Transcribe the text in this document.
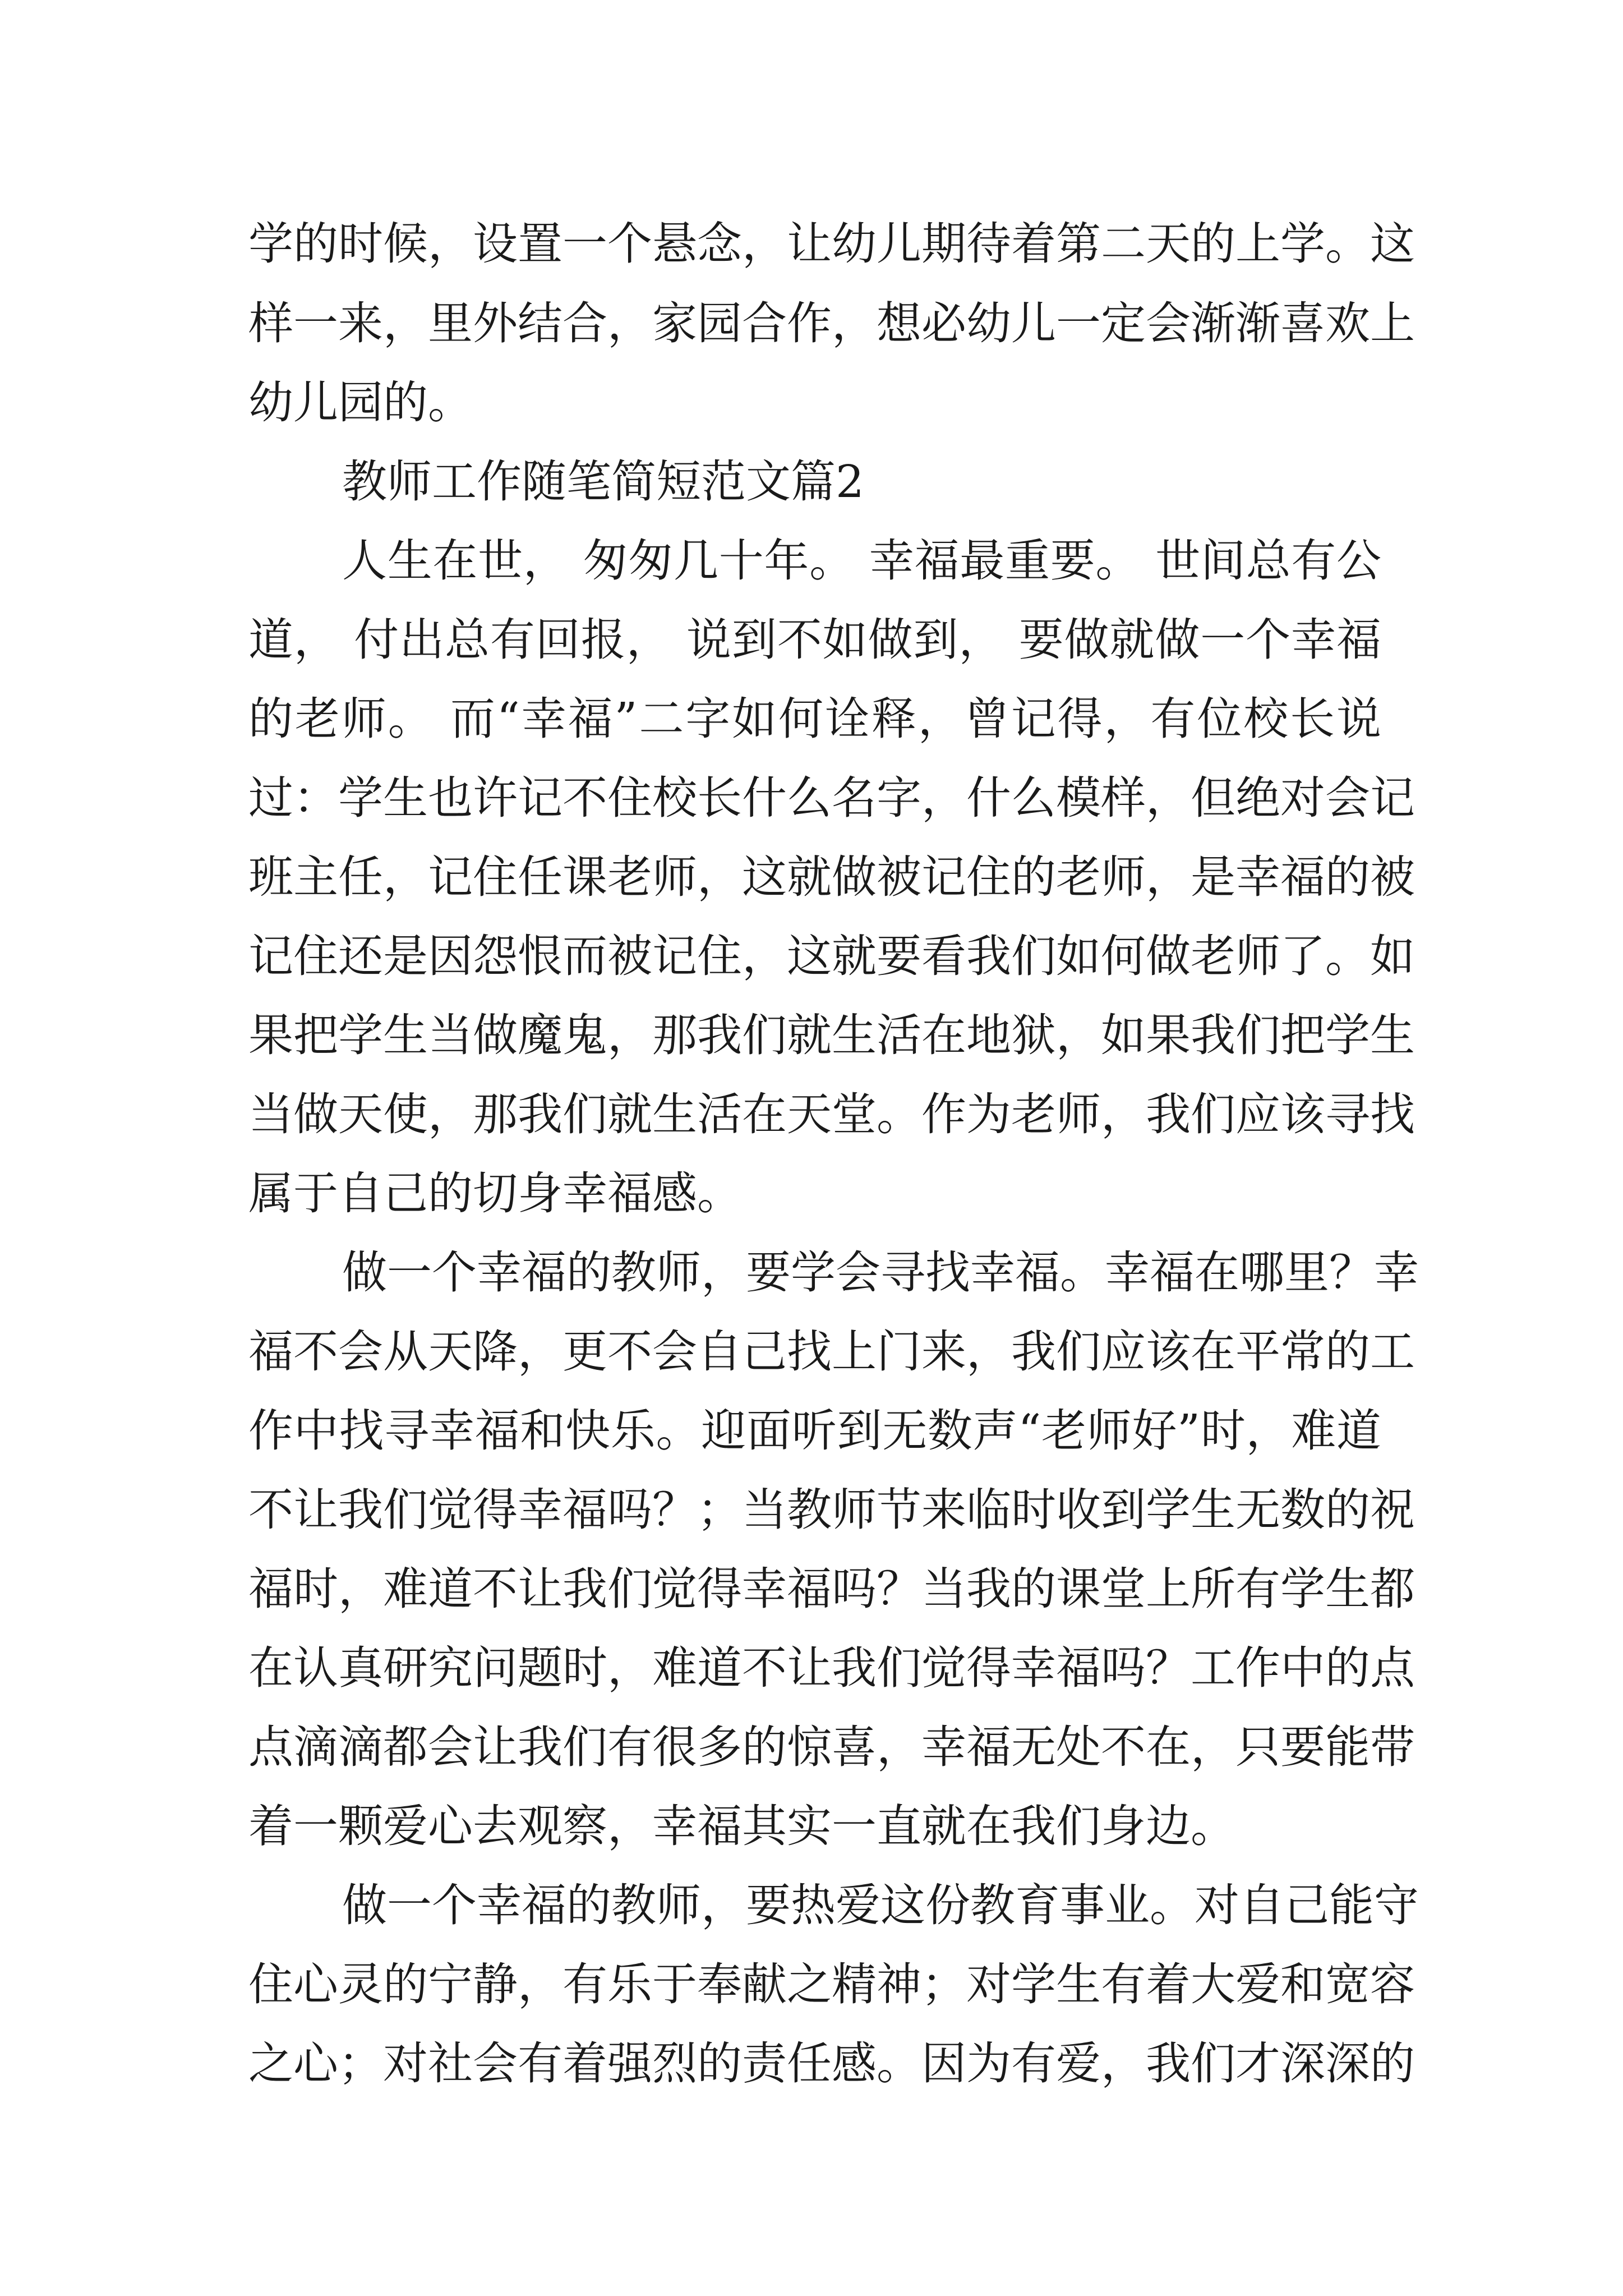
学的时候，设置一个悬念，让幼儿期待着第二天的上学。这
样一来，里外结合，家园合作，想必幼儿一定会渐渐喜欢上
幼儿园的。
教师工作随笔简短范文篇2
人生在世， 匆匆几十年。 幸福最重要。 世间总有公
道， 付出总有回报， 说到不如做到， 要做就做一个幸福
的老师。 而“幸福”二字如何诠释，曾记得，有位校长说
过：学生也许记不住校长什么名字，什么模样，但绝对会记
班主任，记住任课老师，这就做被记住的老师，是幸福的被
记住还是因怨恨而被记住，这就要看我们如何做老师了。如
果把学生当做魔鬼，那我们就生活在地狱，如果我们把学生
当做天使，那我们就生活在天堂。作为老师，我们应该寻找
属于自己的切身幸福感。
做一个幸福的教师，要学会寻找幸福。幸福在哪里？幸
福不会从天降，更不会自己找上门来，我们应该在平常的工
作中找寻幸福和快乐。迎面听到无数声“老师好”时，难道
不让我们觉得幸福吗？；当教师节来临时收到学生无数的祝
福时，难道不让我们觉得幸福吗？当我的课堂上所有学生都
在认真研究问题时，难道不让我们觉得幸福吗？工作中的点
点滴滴都会让我们有很多的惊喜，幸福无处不在，只要能带
着一颗爱心去观察，幸福其实一直就在我们身边。
做一个幸福的教师，要热爱这份教育事业。对自己能守
住心灵的宁静，有乐于奉献之精神；对学生有着大爱和宽容
之心；对社会有着强烈的责任感。因为有爱，我们才深深的
